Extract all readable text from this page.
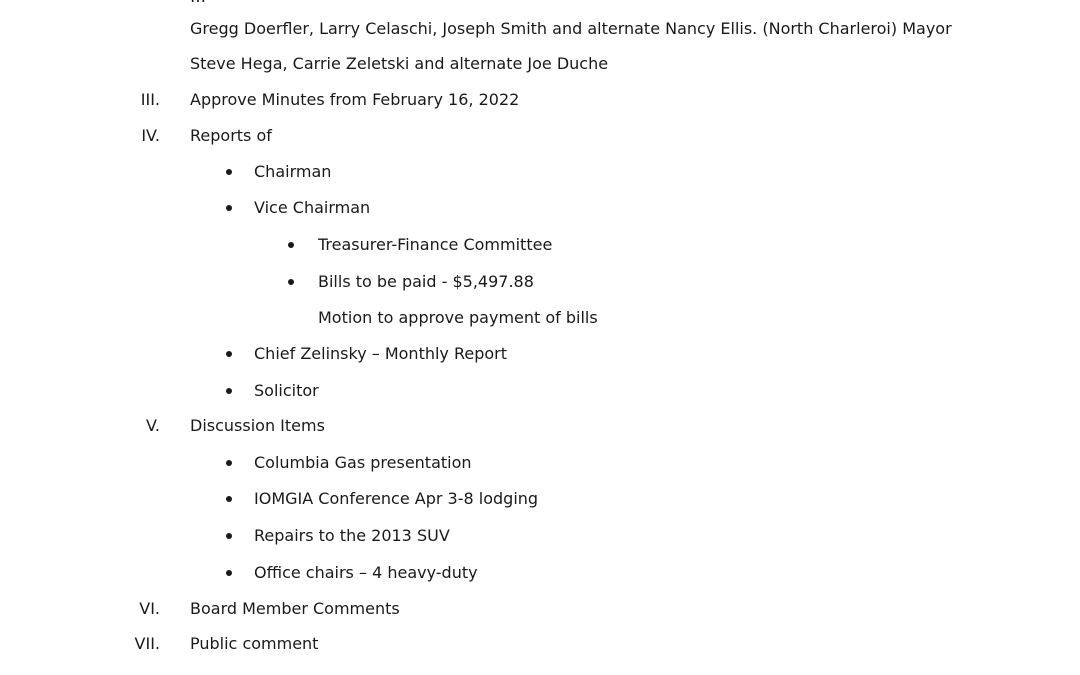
Gregg Doerfler, Larry Celaschi, Joseph Smith and alternate Nancy Ellis. (North Charleroi) Mayor
Steve Hega, Carrie Zeletski and alternate Joe Duche
III. Approve Minutes from February 16, 2022
IV. Reports of
Chairman
Vice Chairman
Treasurer-Finance Committee
Bills to be paid - $5,497.88
Motion to approve payment of bills
Chief Zelinsky – Monthly Report
Solicitor
V. Discussion Items
Columbia Gas presentation
IOMGIA Conference Apr 3-8 lodging
Repairs to the 2013 SUV
Office chairs – 4 heavy-duty
VI. Board Member Comments
VII. Public comment
